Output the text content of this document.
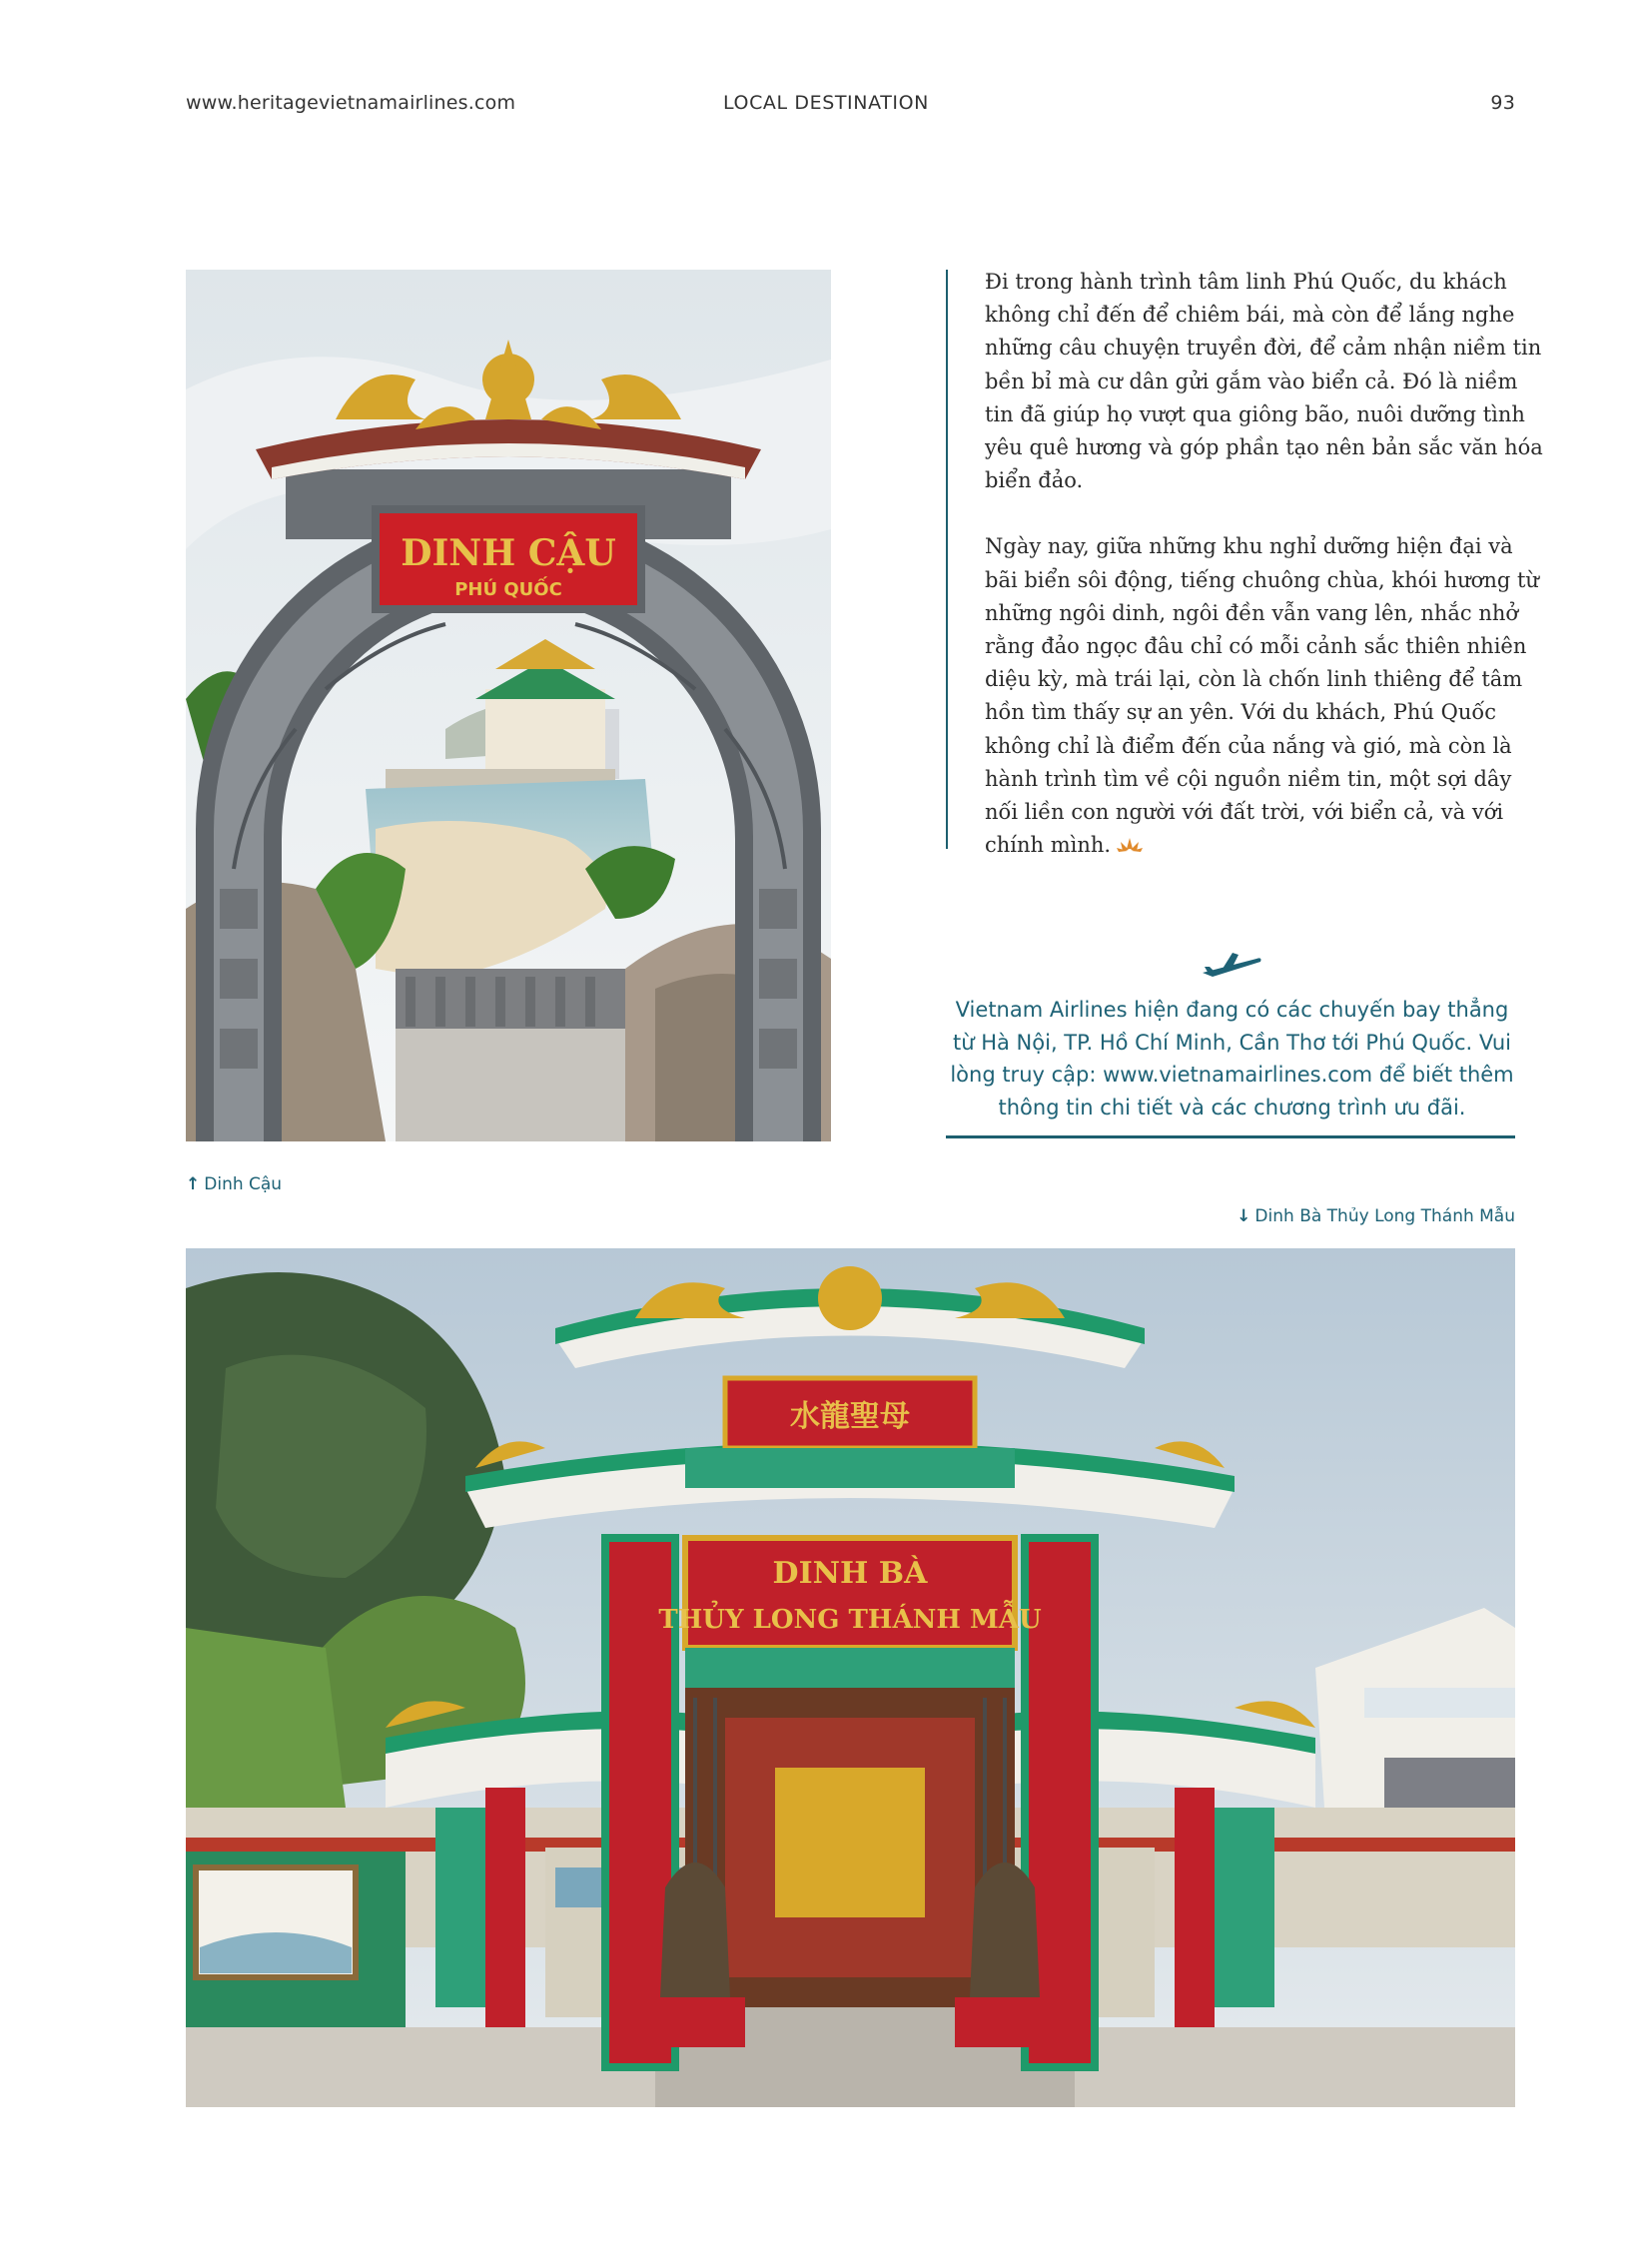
LOCAL DESTINATION
www.heritagevietnamairlines.com	93
DINH CẬU
PHÚ QUỐC

Đi trong hành trình tâm linh Phú Quốc, du khách không chỉ đến để chiêm bái, mà còn để lắng nghe những câu chuyện truyền đời, để cảm nhận niềm tin bền bỉ mà cư dân gửi gắm vào biển cả. Đó là niềm tin đã giúp họ vượt qua giông bão, nuôi dưỡng tình yêu quê hương và góp phần tạo nên bản sắc văn hóa biển đảo.

Ngày nay, giữa những khu nghỉ dưỡng hiện đại và bãi biển sôi động, tiếng chuông chùa, khói hương từ những ngôi dinh, ngôi đền vẫn vang lên, nhắc nhở rằng đảo ngọc đâu chỉ có mỗi cảnh sắc thiên nhiên diệu kỳ, mà trái lại, còn là chốn linh thiêng để tâm hồn tìm thấy sự an yên. Với du khách, Phú Quốc không chỉ là điểm đến của nắng và gió, mà còn là hành trình tìm về cội nguồn niềm tin, một sợi dây nối liền con người với đất trời, với biển cả, và với chính mình.

Vietnam Airlines hiện đang có các chuyến bay thẳng từ Hà Nội, TP. Hồ Chí Minh, Cần Thơ tới Phú Quốc. Vui lòng truy cập: www.vietnamairlines.com để biết thêm thông tin chi tiết và các chương trình ưu đãi.
↑ Dinh Cậu
↓ Dinh Bà Thủy Long Thánh Mẫu
水龍聖母
DINH BÀ
THỦY LONG THÁNH MẪU
